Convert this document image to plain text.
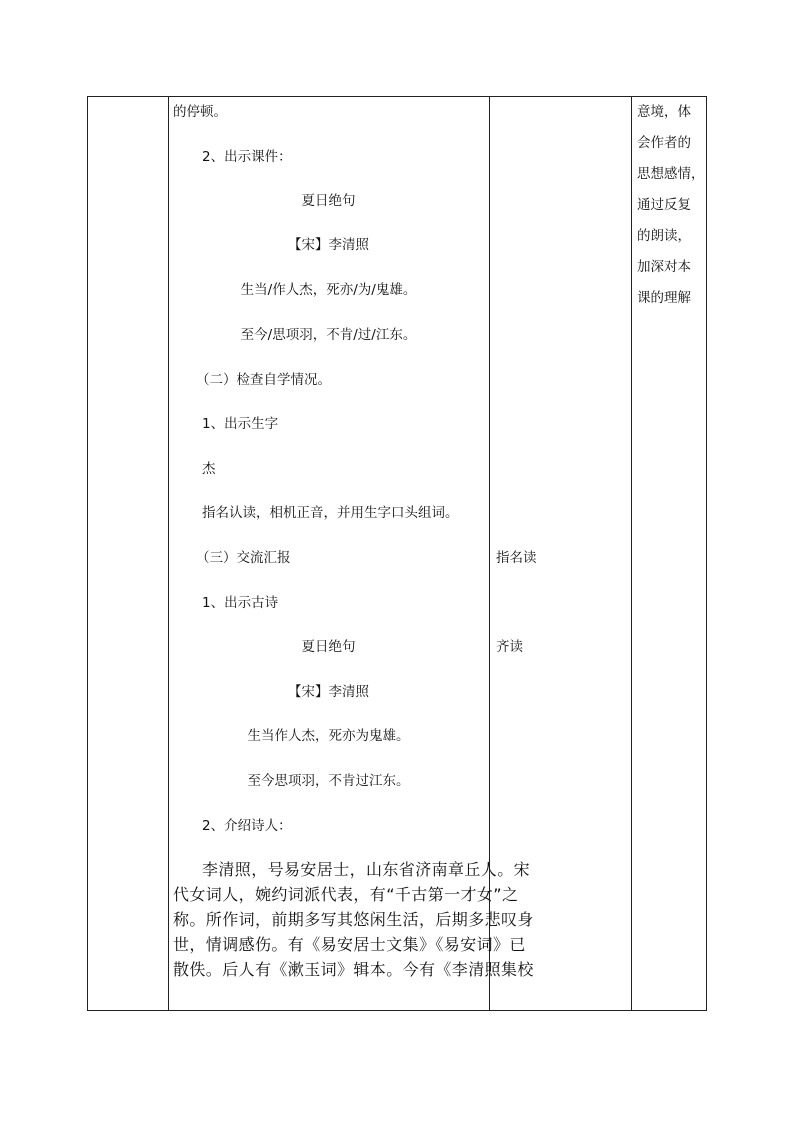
的停顿。
2、出示课件：
夏日绝句
【宋】李清照
生当/作人杰，死亦/为/鬼雄。
至今/思项羽，不肯/过/江东。
（二）检查自学情况。
1、出示生字
杰
指名认读，相机正音，并用生字口头组词。
（三）交流汇报
1、出示古诗
夏日绝句
【宋】李清照
生当作人杰，死亦为鬼雄。
至今思项羽，不肯过江东。
2、介绍诗人：
李清照，号易安居士，山东省济南章丘人。宋
代女词人，婉约词派代表，有“千古第一才女”之
称。所作词，前期多写其悠闲生活，后期多悲叹身
世，情调感伤。有《易安居士文集》《易安词》已
散佚。后人有《漱玉词》辑本。今有《李清照集校
指名读
齐读
意境，体
会作者的
思想感情，
通过反复
的朗读，
加深对本
课的理解
